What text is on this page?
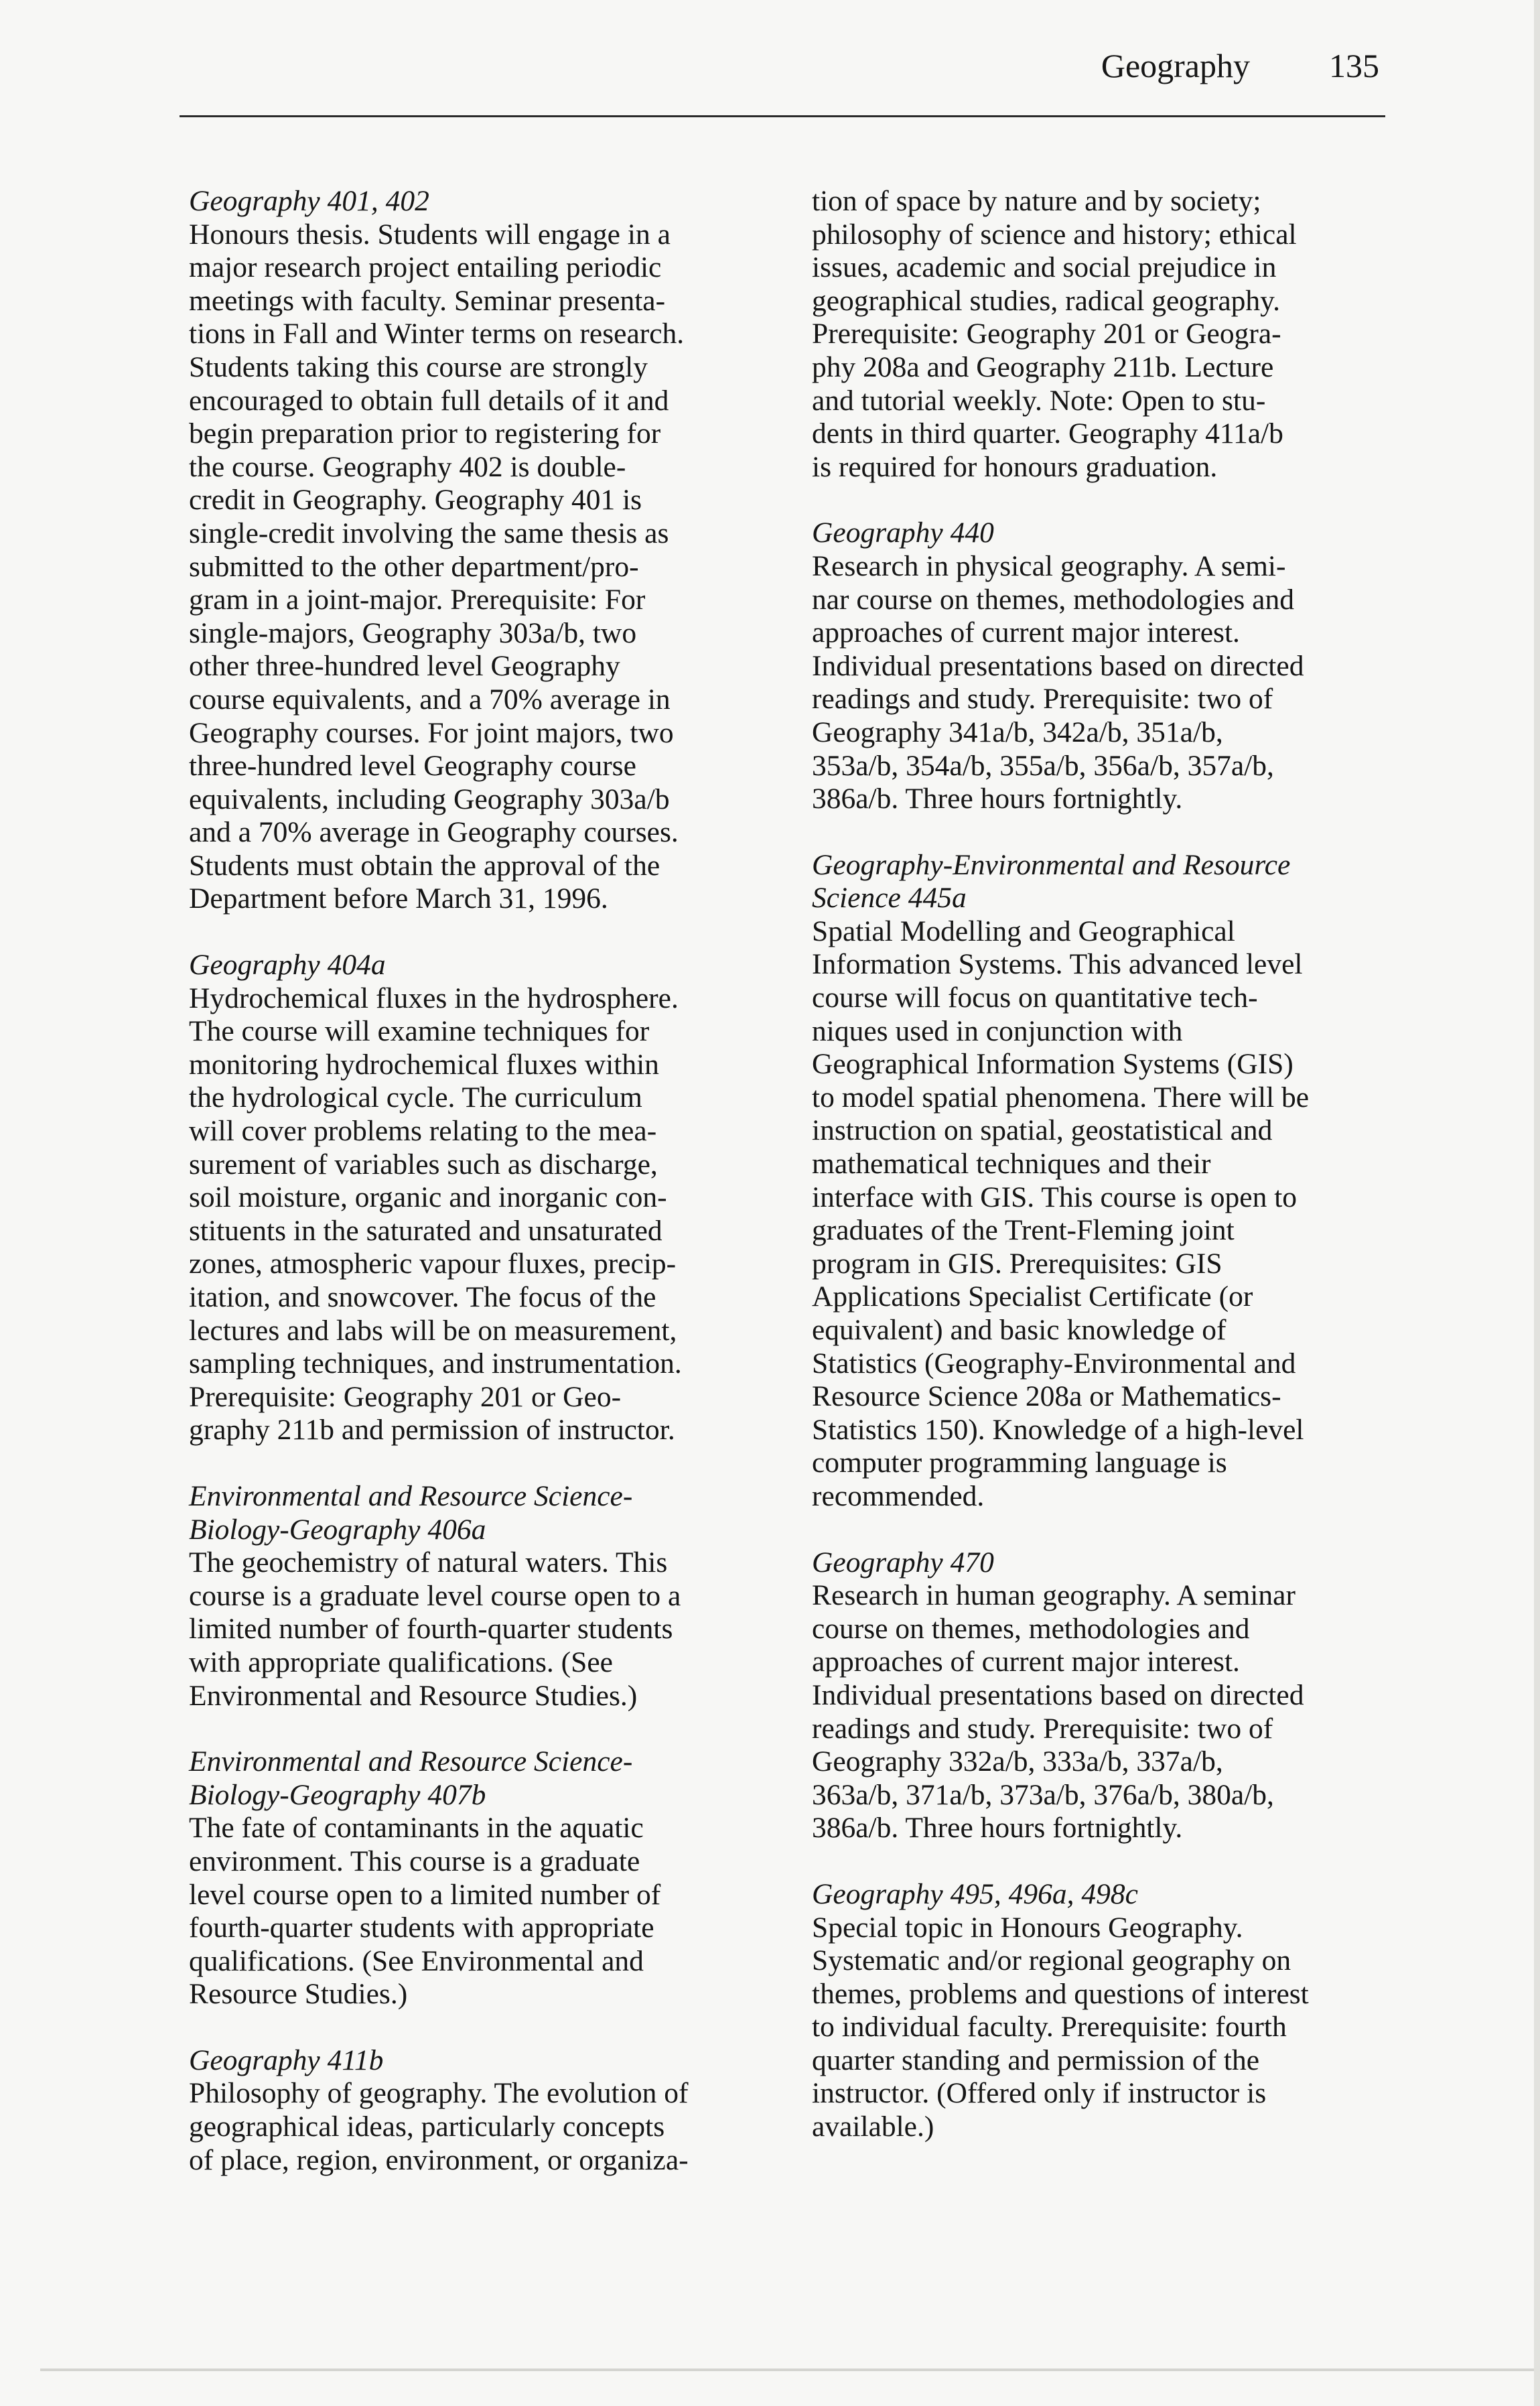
Geography 135
Geography 401, 402
Honours thesis. Students will engage in a
major research project entailing periodic
meetings with faculty. Seminar presenta-
tions in Fall and Winter terms on research.
Students taking this course are strongly
encouraged to obtain full details of it and
begin preparation prior to registering for
the course. Geography 402 is double-
credit in Geography. Geography 401 is
single-credit involving the same thesis as
submitted to the other department/pro-
gram in a joint-major. Prerequisite: For
single-majors, Geography 303a/b, two
other three-hundred level Geography
course equivalents, and a 70% average in
Geography courses. For joint majors, two
three-hundred level Geography course
equivalents, including Geography 303a/b
and a 70% average in Geography courses.
Students must obtain the approval of the
Department before March 31, 1996.
Geography 404a
Hydrochemical fluxes in the hydrosphere.
The course will examine techniques for
monitoring hydrochemical fluxes within
the hydrological cycle. The curriculum
will cover problems relating to the mea-
surement of variables such as discharge,
soil moisture, organic and inorganic con-
stituents in the saturated and unsaturated
zones, atmospheric vapour fluxes, precip-
itation, and snowcover. The focus of the
lectures and labs will be on measurement,
sampling techniques, and instrumentation.
Prerequisite: Geography 201 or Geo-
graphy 211b and permission of instructor.
Environmental and Resource Science-
Biology-Geography 406a
The geochemistry of natural waters. This
course is a graduate level course open to a
limited number of fourth-quarter students
with appropriate qualifications. (See
Environmental and Resource Studies.)
Environmental and Resource Science-
Biology-Geography 407b
The fate of contaminants in the aquatic
environment. This course is a graduate
level course open to a limited number of
fourth-quarter students with appropriate
qualifications. (See Environmental and
Resource Studies.)
Geography 411b
Philosophy of geography. The evolution of
geographical ideas, particularly concepts
of place, region, environment, or organiza-
tion of space by nature and by society;
philosophy of science and history; ethical
issues, academic and social prejudice in
geographical studies, radical geography.
Prerequisite: Geography 201 or Geogra-
phy 208a and Geography 211b. Lecture
and tutorial weekly. Note: Open to stu-
dents in third quarter. Geography 411a/b
is required for honours graduation.
Geography 440
Research in physical geography. A semi-
nar course on themes, methodologies and
approaches of current major interest.
Individual presentations based on directed
readings and study. Prerequisite: two of
Geography 341a/b, 342a/b, 351a/b,
353a/b, 354a/b, 355a/b, 356a/b, 357a/b,
386a/b. Three hours fortnightly.
Geography-Environmental and Resource
Science 445a
Spatial Modelling and Geographical
Information Systems. This advanced level
course will focus on quantitative tech-
niques used in conjunction with
Geographical Information Systems (GIS)
to model spatial phenomena. There will be
instruction on spatial, geostatistical and
mathematical techniques and their
interface with GIS. This course is open to
graduates of the Trent-Fleming joint
program in GIS. Prerequisites: GIS
Applications Specialist Certificate (or
equivalent) and basic knowledge of
Statistics (Geography-Environmental and
Resource Science 208a or Mathematics-
Statistics 150). Knowledge of a high-level
computer programming language is
recommended.
Geography 470
Research in human geography. A seminar
course on themes, methodologies and
approaches of current major interest.
Individual presentations based on directed
readings and study. Prerequisite: two of
Geography 332a/b, 333a/b, 337a/b,
363a/b, 371a/b, 373a/b, 376a/b, 380a/b,
386a/b. Three hours fortnightly.
Geography 495, 496a, 498c
Special topic in Honours Geography.
Systematic and/or regional geography on
themes, problems and questions of interest
to individual faculty. Prerequisite: fourth
quarter standing and permission of the
instructor. (Offered only if instructor is
available.)
